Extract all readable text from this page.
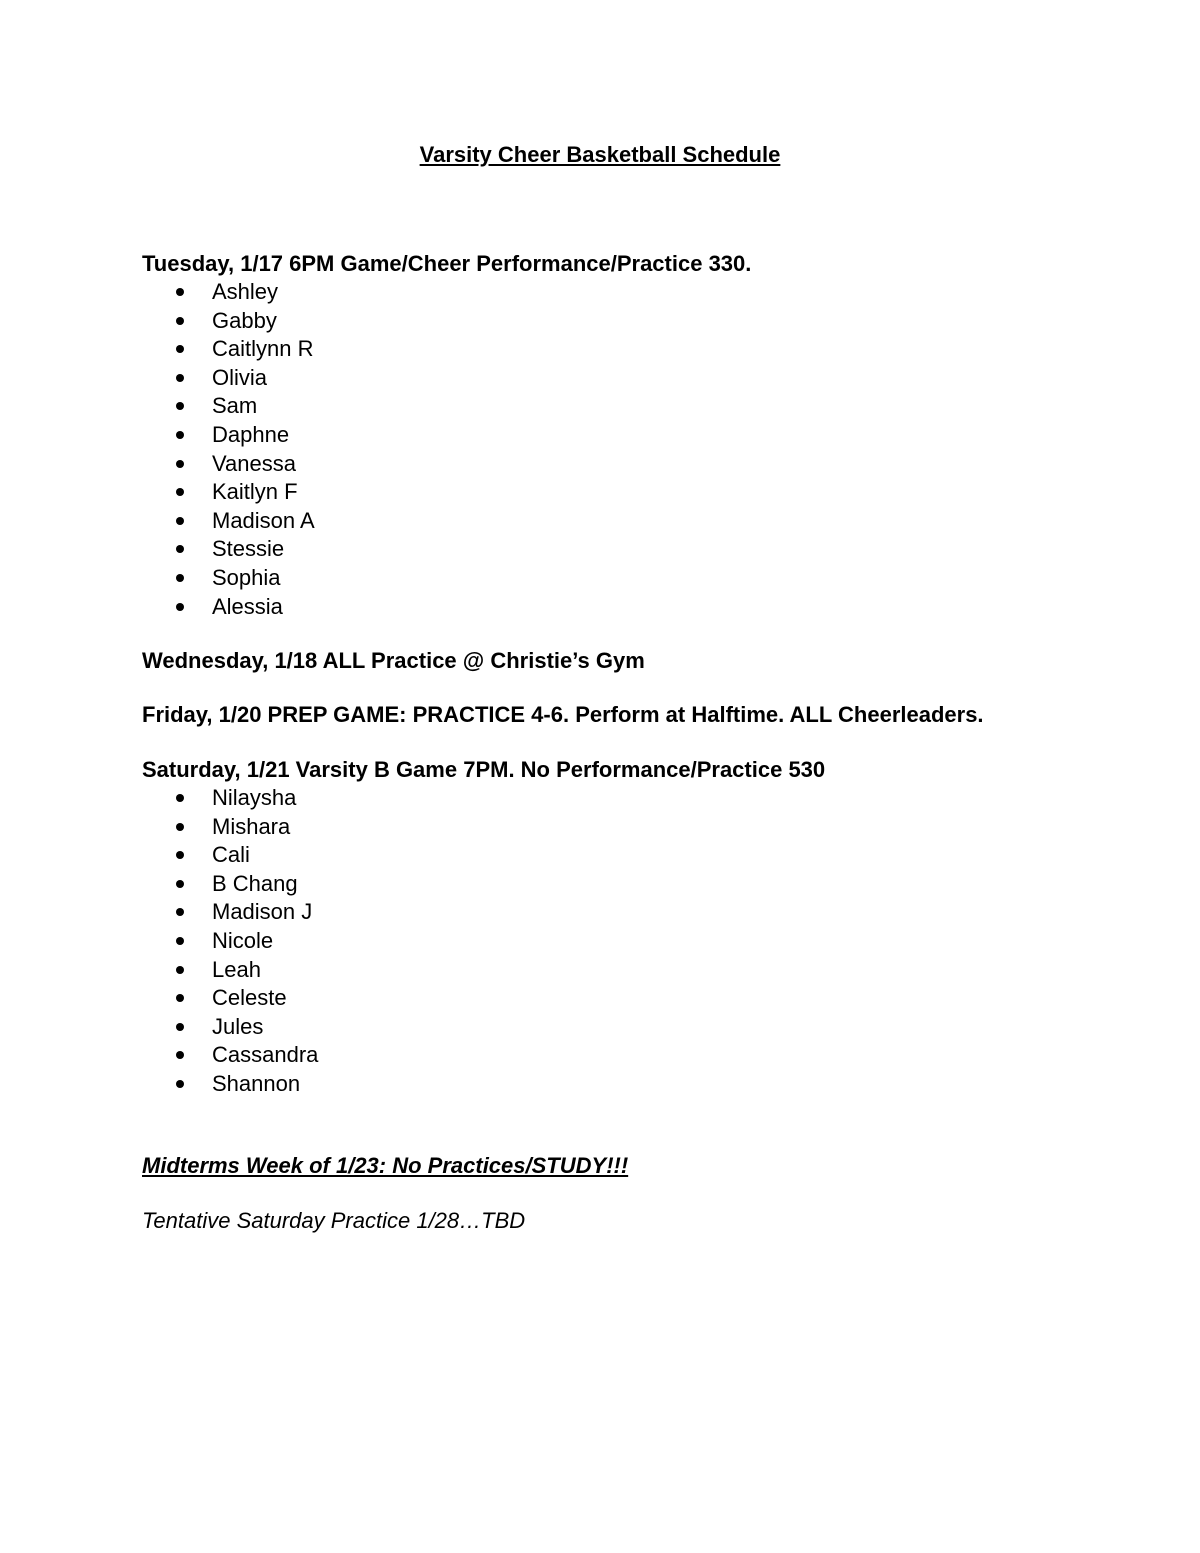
Varsity Cheer Basketball Schedule
Tuesday, 1/17 6PM Game/Cheer Performance/Practice 330.
Ashley
Gabby
Caitlynn R
Olivia
Sam
Daphne
Vanessa
Kaitlyn F
Madison A
Stessie
Sophia
Alessia
Wednesday, 1/18 ALL Practice @ Christie’s Gym
Friday, 1/20 PREP GAME: PRACTICE 4-6. Perform at Halftime. ALL Cheerleaders.
Saturday, 1/21 Varsity B Game 7PM. No Performance/Practice 530
Nilaysha
Mishara
Cali
B Chang
Madison J
Nicole
Leah
Celeste
Jules
Cassandra
Shannon
Midterms Week of 1/23: No Practices/STUDY!!!
Tentative Saturday Practice 1/28…TBD
